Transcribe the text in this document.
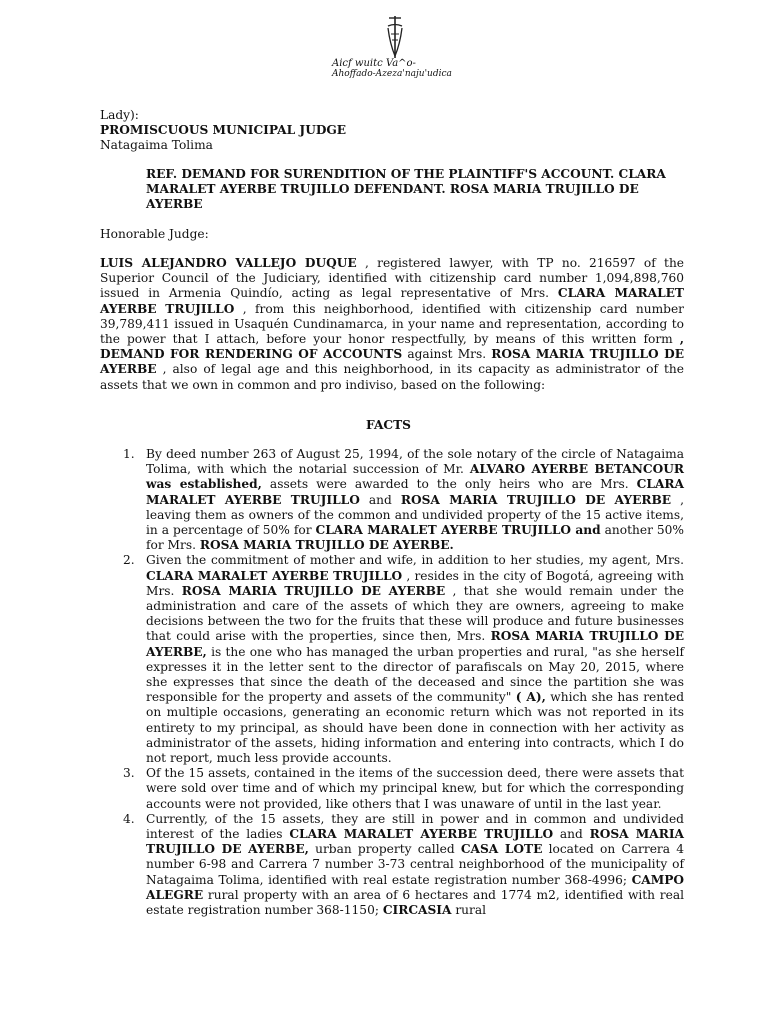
Aicf wuitc Va^o-
Ahoffado-Azeza'naju'udica
Lady):
PROMISCUOUS MUNICIPAL JUDGE
Natagaima Tolima
REF. DEMAND FOR SURENDITION OF THE PLAINTIFF'S ACCOUNT. CLARA MARALET AYERBE TRUJILLO DEFENDANT. ROSA MARIA TRUJILLO DE AYERBE
Honorable Judge:
LUIS ALEJANDRO VALLEJO DUQUE , registered lawyer, with TP no. 216597 of the Superior Council of the Judiciary, identified with citizenship card number 1,094,898,760 issued in Armenia Quindío, acting as legal representative of Mrs. CLARA MARALET AYERBE TRUJILLO , from this neighborhood, identified with citizenship card number 39,789,411 issued in Usaquén Cundinamarca, in your name and representation, according to the power that I attach, before your honor respectfully, by means of this written form , DEMAND FOR RENDERING OF ACCOUNTS against Mrs. ROSA MARIA TRUJILLO DE AYERBE , also of legal age and this neighborhood, in its capacity as administrator of the assets that we own in common and pro indiviso, based on the following:
FACTS
1. By deed number 263 of August 25, 1994, of the sole notary of the circle of Natagaima Tolima, with which the notarial succession of Mr. ALVARO AYERBE BETANCOUR was established, assets were awarded to the only heirs who are Mrs. CLARA MARALET AYERBE TRUJILLO and ROSA MARIA TRUJILLO DE AYERBE , leaving them as owners of the common and undivided property of the 15 active items, in a percentage of 50% for CLARA MARALET AYERBE TRUJILLO and another 50% for Mrs. ROSA MARIA TRUJILLO DE AYERBE.
2. Given the commitment of mother and wife, in addition to her studies, my agent, Mrs. CLARA MARALET AYERBE TRUJILLO , resides in the city of Bogotá, agreeing with Mrs. ROSA MARIA TRUJILLO DE AYERBE , that she would remain under the administration and care of the assets of which they are owners, agreeing to make decisions between the two for the fruits that these will produce and future businesses that could arise with the properties, since then, Mrs. ROSA MARIA TRUJILLO DE AYERBE, is the one who has managed the urban properties and rural, "as she herself expresses it in the letter sent to the director of parafiscals on May 20, 2015, where she expresses that since the death of the deceased and since the partition she was responsible for the property and assets of the community" ( A), which she has rented on multiple occasions, generating an economic return which was not reported in its entirety to my principal, as should have been done in connection with her activity as administrator of the assets, hiding information and entering into contracts, which I do not report, much less provide accounts.
3. Of the 15 assets, contained in the items of the succession deed, there were assets that were sold over time and of which my principal knew, but for which the corresponding accounts were not provided, like others that I was unaware of until in the last year.
4. Currently, of the 15 assets, they are still in power and in common and undivided interest of the ladies CLARA MARALET AYERBE TRUJILLO and ROSA MARIA TRUJILLO DE AYERBE, urban property called CASA LOTE located on Carrera 4 number 6-98 and Carrera 7 number 3-73 central neighborhood of the municipality of Natagaima Tolima, identified with real estate registration number 368-4996; CAMPO ALEGRE rural property with an area of 6 hectares and 1774 m2, identified with real estate registration number 368-1150; CIRCASIA rural
